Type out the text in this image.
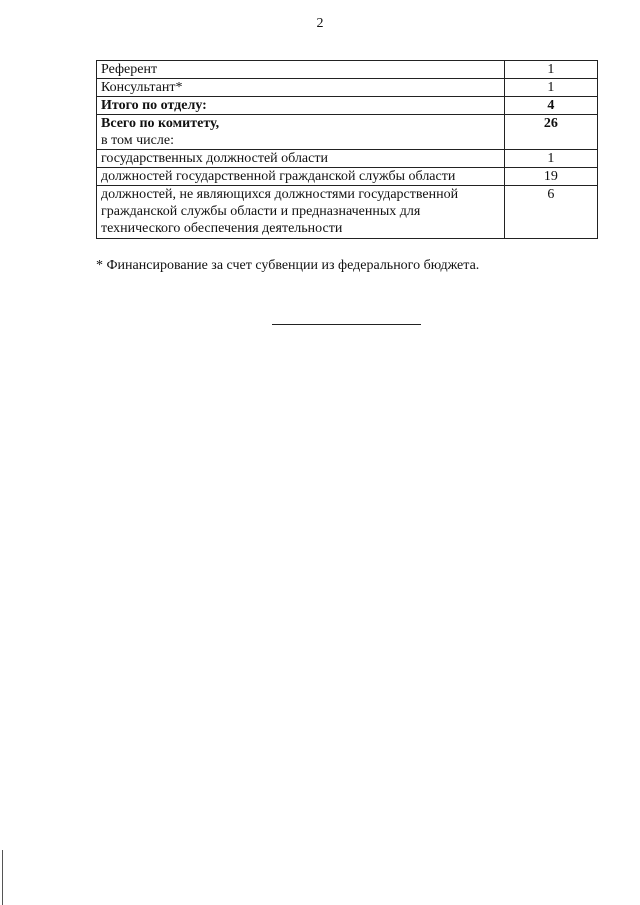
2
Референт	1
Консультант*	1
Итого по отделу:	4

Всего по комитету,
в том числе:	26
государственных должностей области	1
должностей государственной гражданской службы области	19
должностей, не являющихся должностями государственной гражданской службы области и предназначенных для технического обеспечения деятельности	6
* Финансирование за счет субвенции из федерального бюджета.
